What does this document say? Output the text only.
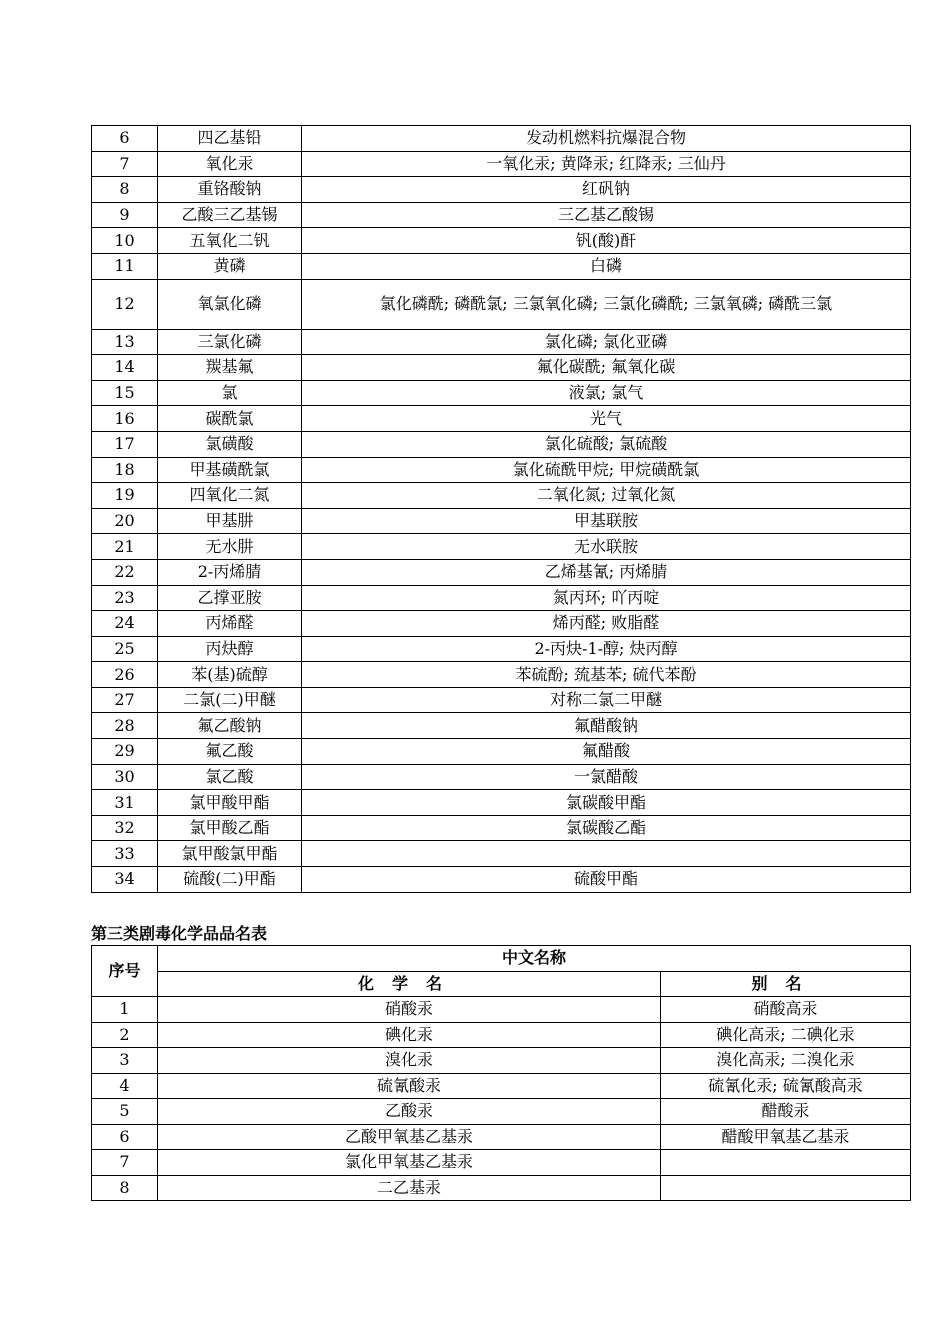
6	四乙基铅	发动机燃料抗爆混合物
7	氧化汞	一氧化汞; 黄降汞; 红降汞; 三仙丹
8	重铬酸钠	红矾钠
9	乙酸三乙基锡	三乙基乙酸锡
10	五氧化二钒	钒(酸)酐
11	黄磷	白磷
12	氧氯化磷	氯化磷酰; 磷酰氯; 三氯氧化磷; 三氯化磷酰; 三氯氧磷; 磷酰三氯
13	三氯化磷	氯化磷; 氯化亚磷
14	羰基氟	氟化碳酰; 氟氧化碳
15	氯	液氯; 氯气
16	碳酰氯	光气
17	氯磺酸	氯化硫酸; 氯硫酸
18	甲基磺酰氯	氯化硫酰甲烷; 甲烷磺酰氯
19	四氧化二氮	二氧化氮; 过氧化氮
20	甲基肼	甲基联胺
21	无水肼	无水联胺
22	2-丙烯腈	乙烯基氰; 丙烯腈
23	乙撑亚胺	氮丙环; 吖丙啶
24	丙烯醛	烯丙醛; 败脂醛
25	丙炔醇	2-丙炔-1-醇; 炔丙醇
26	苯(基)硫醇	苯硫酚; 巯基苯; 硫代苯酚
27	二氯(二)甲醚	对称二氯二甲醚
28	氟乙酸钠	氟醋酸钠
29	氟乙酸	氟醋酸
30	氯乙酸	一氯醋酸
31	氯甲酸甲酯	氯碳酸甲酯
32	氯甲酸乙酯	氯碳酸乙酯
33	氯甲酸氯甲酯	
34	硫酸(二)甲酯	硫酸甲酯
第三类剧毒化学品品名表
序号	中文名称	
	化学名	别名
1	硝酸汞	硝酸高汞
2	碘化汞	碘化高汞; 二碘化汞
3	溴化汞	溴化高汞; 二溴化汞
4	硫氰酸汞	硫氰化汞; 硫氰酸高汞
5	乙酸汞	醋酸汞
6	乙酸甲氧基乙基汞	醋酸甲氧基乙基汞
7	氯化甲氧基乙基汞	
8	二乙基汞	
